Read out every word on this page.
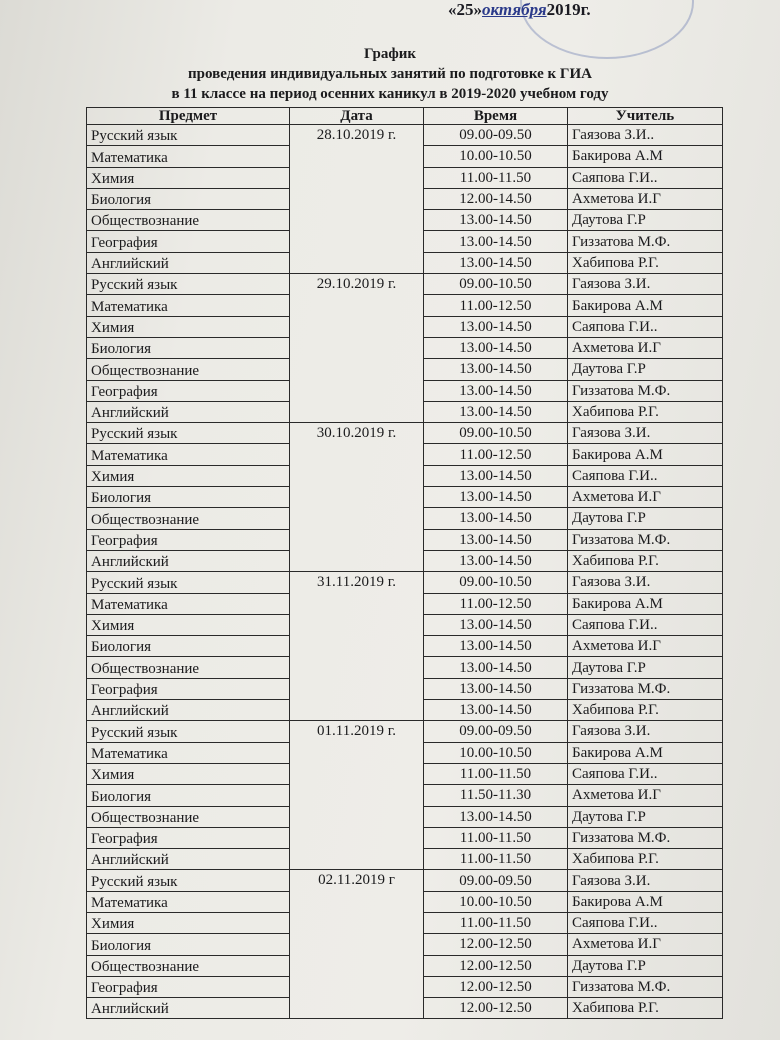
«25»октября2019г.
График
проведения индивидуальных занятий по подготовке к ГИА
в 11 классе на период осенних каникул в 2019-2020 учебном году
Предмет	Дата	Время	Учитель
Русский язык	28.10.2019 г.	09.00-09.50	Гаязова З.И..
Математика		10.00-10.50	Бакирова А.М
Химия		11.00-11.50	Саяпова Г.И..
Биология		12.00-14.50	Ахметова И.Г
Обществознание		13.00-14.50	Даутова Г.Р
География		13.00-14.50	Гиззатова М.Ф.
Английский		13.00-14.50	Хабипова Р.Г.
Русский язык	29.10.2019 г.	09.00-10.50	Гаязова З.И.
Математика		11.00-12.50	Бакирова А.М
Химия		13.00-14.50	Саяпова Г.И..
Биология		13.00-14.50	Ахметова И.Г
Обществознание		13.00-14.50	Даутова Г.Р
География		13.00-14.50	Гиззатова М.Ф.
Английский		13.00-14.50	Хабипова Р.Г.
Русский язык	30.10.2019 г.	09.00-10.50	Гаязова З.И.
Математика		11.00-12.50	Бакирова А.М
Химия		13.00-14.50	Саяпова Г.И..
Биология		13.00-14.50	Ахметова И.Г
Обществознание		13.00-14.50	Даутова Г.Р
География		13.00-14.50	Гиззатова М.Ф.
Английский		13.00-14.50	Хабипова Р.Г.
Русский язык	31.11.2019 г.	09.00-10.50	Гаязова З.И.
Математика		11.00-12.50	Бакирова А.М
Химия		13.00-14.50	Саяпова Г.И..
Биология		13.00-14.50	Ахметова И.Г
Обществознание		13.00-14.50	Даутова Г.Р
География		13.00-14.50	Гиззатова М.Ф.
Английский		13.00-14.50	Хабипова Р.Г.
Русский язык	01.11.2019 г.	09.00-09.50	Гаязова З.И.
Математика		10.00-10.50	Бакирова А.М
Химия		11.00-11.50	Саяпова Г.И..
Биология		11.50-11.30	Ахметова И.Г
Обществознание		13.00-14.50	Даутова Г.Р
География		11.00-11.50	Гиззатова М.Ф.
Английский		11.00-11.50	Хабипова Р.Г.
Русский язык	02.11.2019 г	09.00-09.50	Гаязова З.И.
Математика		10.00-10.50	Бакирова А.М
Химия		11.00-11.50	Саяпова Г.И..
Биология		12.00-12.50	Ахметова И.Г
Обществознание		12.00-12.50	Даутова Г.Р
География		12.00-12.50	Гиззатова М.Ф.
Английский		12.00-12.50	Хабипова Р.Г.
